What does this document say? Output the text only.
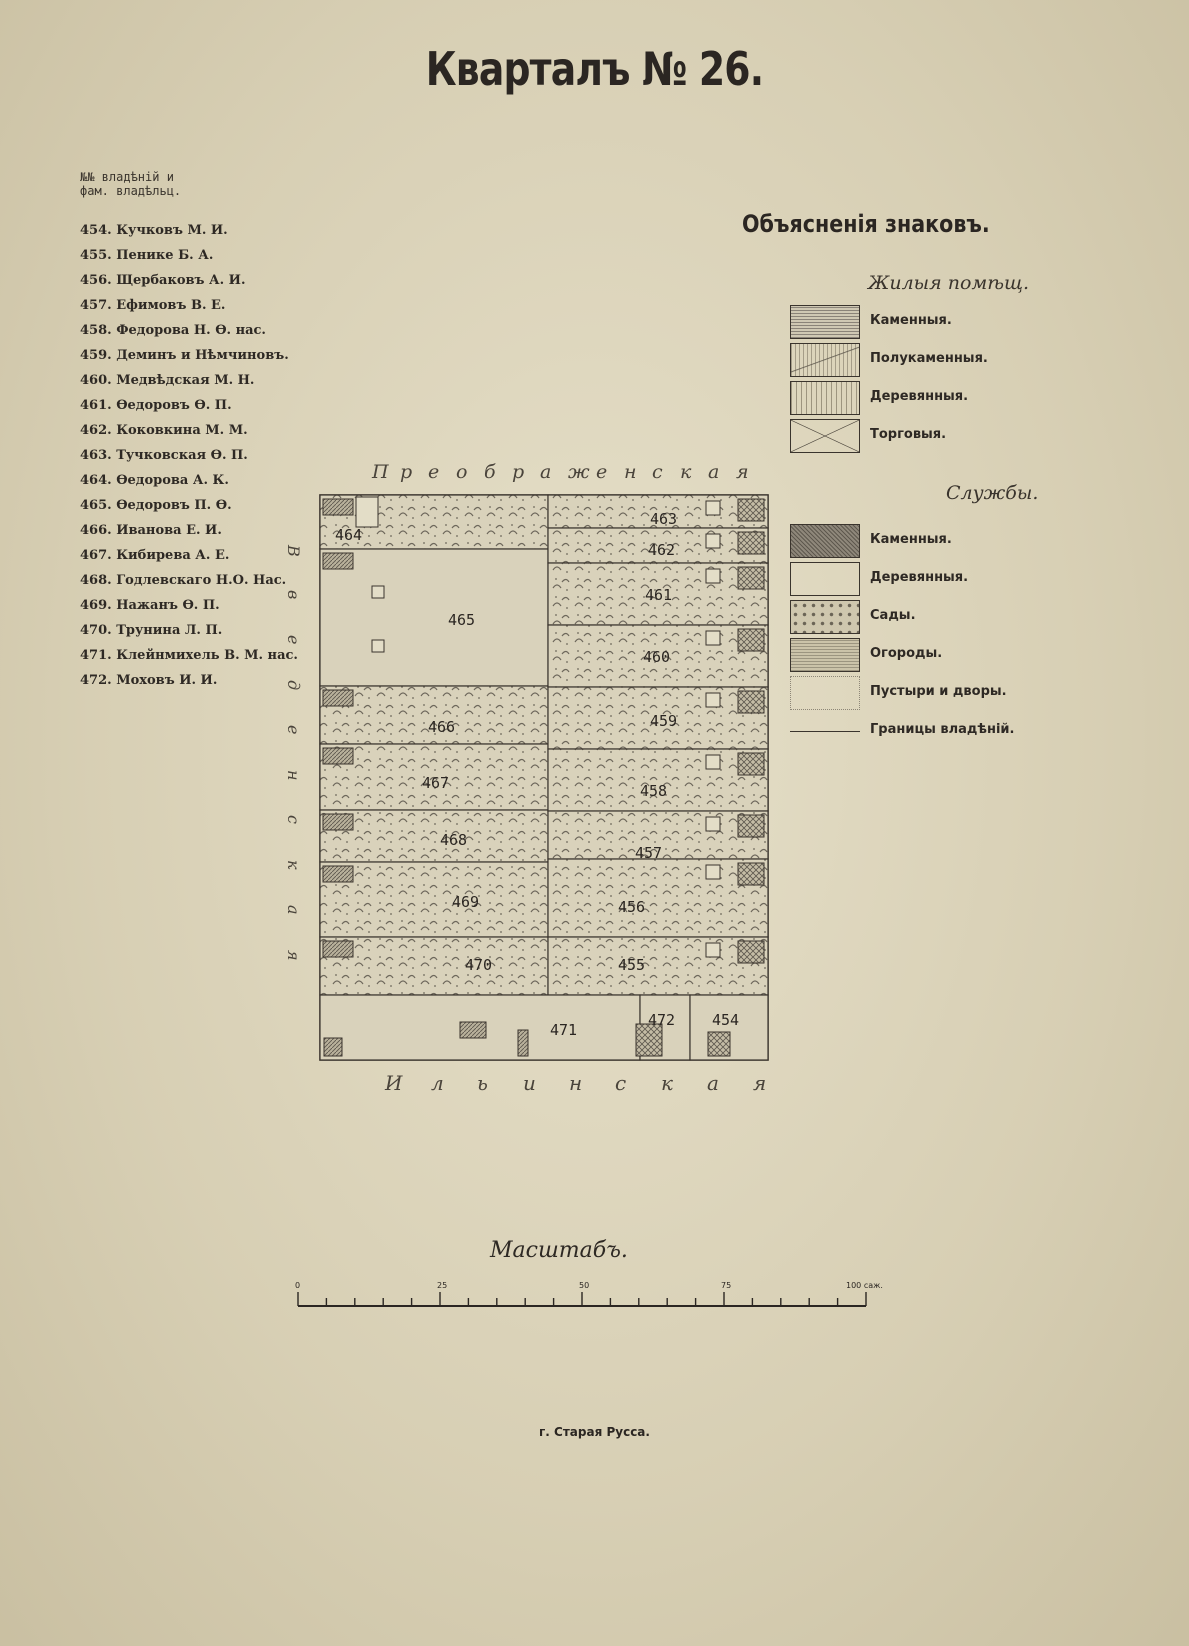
Кварталъ № 26.
№№ владѣній и
фам. владѣльц.
454. Кучковъ М. И.
455. Пенике Б. А.
456. Щербаковъ А. И.
457. Ефимовъ В. Е.
458. Федорова Н. Ѳ. нас.
459. Деминъ и Нѣмчиновъ.
460. Медвѣдская М. Н.
461. Ѳедоровъ Ѳ. П.
462. Коковкина М. М.
463. Тучковская Ѳ. П.
464. Ѳедорова А. К.
465. Ѳедоровъ П. Ѳ.
466. Иванова Е. И.
467. Кибирева А. Е.
468. Годлевскаго Н.О. Нас.
469. Нажанъ Ѳ. П.
470. Трунина Л. П.
471. Клейнмихель В. М. нас.
472. Моховъ И. И.
Объясненія знаковъ.
Жилыя помѣщ.
Каменныя.
Полукаменныя.
Деревянныя.
Торговыя.
Службы.
Каменныя.
Деревянныя.
Сады.
Огороды.
Пустыри и дворы.
Границы владѣній.
464
463
462
465
461
460
466	459
467	458
468
457
469	456
470	455
471
472 454
П р е о б р а ж е н с к а я
И л ь и н с к а я
В
в
е
д
е
н
с
к
а
я
Масштабъ.
0	25	50	75	100 саж.
г. Старая Русса.
